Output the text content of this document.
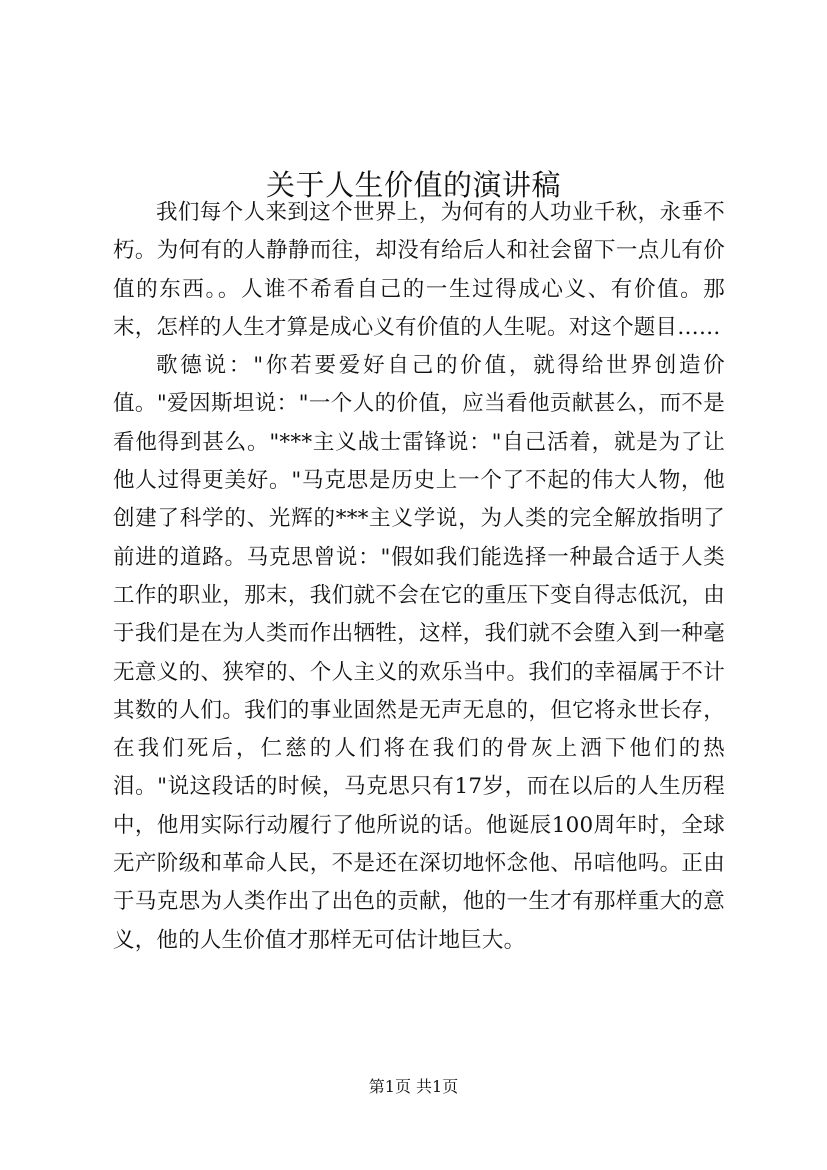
关于人生价值的演讲稿

我们每个人来到这个世界上，为何有的人功业千秋，永垂不朽。为何有的人静静而往，却没有给后人和社会留下一点儿有价值的东西。。人谁不希看自己的一生过得成心义、有价值。那末，怎样的人生才算是成心义有价值的人生呢。对这个题目……

歌德说："你若要爱好自己的价值，就得给世界创造价值。"爱因斯坦说："一个人的价值，应当看他贡献甚么，而不是看他得到甚么。"***主义战士雷锋说："自己活着，就是为了让他人过得更美好。"马克思是历史上一个了不起的伟大人物，他创建了科学的、光辉的***主义学说，为人类的完全解放指明了前进的道路。马克思曾说："假如我们能选择一种最合适于人类工作的职业，那末，我们就不会在它的重压下变自得志低沉，由于我们是在为人类而作出牺牲，这样，我们就不会堕入到一种毫无意义的、狭窄的、个人主义的欢乐当中。我们的幸福属于不计其数的人们。我们的事业固然是无声无息的，但它将永世长存，在我们死后，仁慈的人们将在我们的骨灰上洒下他们的热泪。"说这段话的时候，马克思只有17岁，而在以后的人生历程中，他用实际行动履行了他所说的话。他诞辰100周年时，全球无产阶级和革命人民，不是还在深切地怀念他、吊唁他吗。正由于马克思为人类作出了出色的贡献，他的一生才有那样重大的意义，他的人生价值才那样无可估计地巨大。

第1页 共1页
